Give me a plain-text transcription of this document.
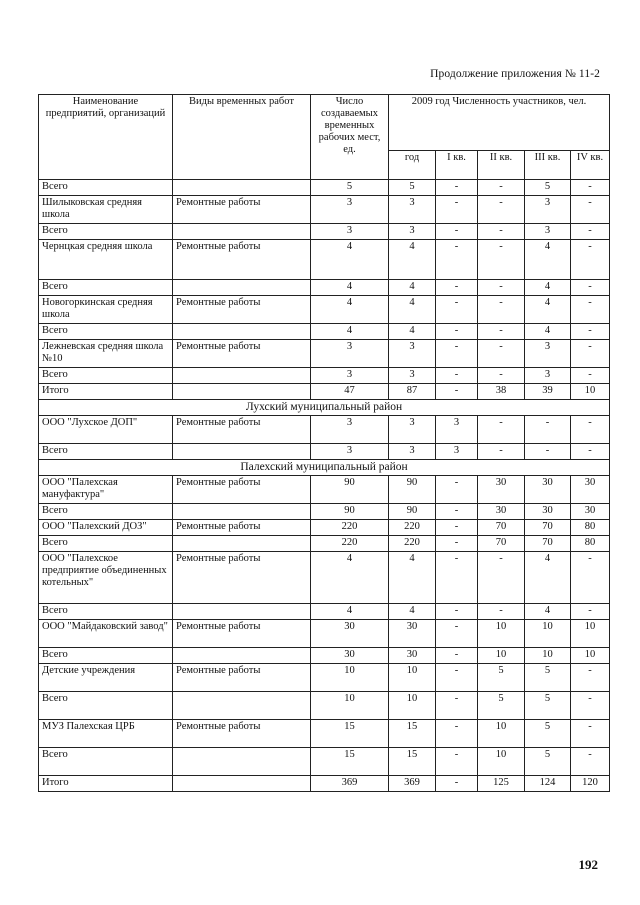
Продолжение приложения № 11-2
Наименование предприятий, организаций	Виды временных работ	Число создаваемых временных рабочих мест, ед.	2009 год Численность участников, чел.				
			год	I кв.	II кв.	III кв.	IV кв.
Всего		5	5	-	-	5	-
Шилыковская средняя школа	Ремонтные работы	3	3	-	-	3	-
Всего		3	3	-	-	3	-
Чернцкая средняя школа	Ремонтные работы	4	4	-	-	4	-
Всего		4	4	-	-	4	-
Новогоркинская средняя школа	Ремонтные работы	4	4	-	-	4	-
Всего		4	4	-	-	4	-
Лежневская средняя школа №10	Ремонтные работы	3	3	-	-	3	-
Всего		3	3	-	-	3	-
Итого		47	87	-	38	39	10
Лухский муниципальный район							
ООО "Лухское ДОП"	Ремонтные работы	3	3	3	-	-	-
Всего		3	3	3	-	-	-
Палехский муниципальный район							
ООО "Палехская мануфактура"	Ремонтные работы	90	90	-	30	30	30
Всего		90	90	-	30	30	30
ООО "Палехский ДОЗ"	Ремонтные работы	220	220	-	70	70	80
Всего		220	220	-	70	70	80
ООО "Палехское предприятие объединенных котельных"	Ремонтные работы	4	4	-	-	4	-
Всего		4	4	-	-	4	-
ООО "Майдаковский завод"	Ремонтные работы	30	30	-	10	10	10
Всего		30	30	-	10	10	10
Детские учреждения	Ремонтные работы	10	10	-	5	5	-
Всего		10	10	-	5	5	-
МУЗ Палехская ЦРБ	Ремонтные работы	15	15	-	10	5	-
Всего		15	15	-	10	5	-
Итого		369	369	-	125	124	120
192
